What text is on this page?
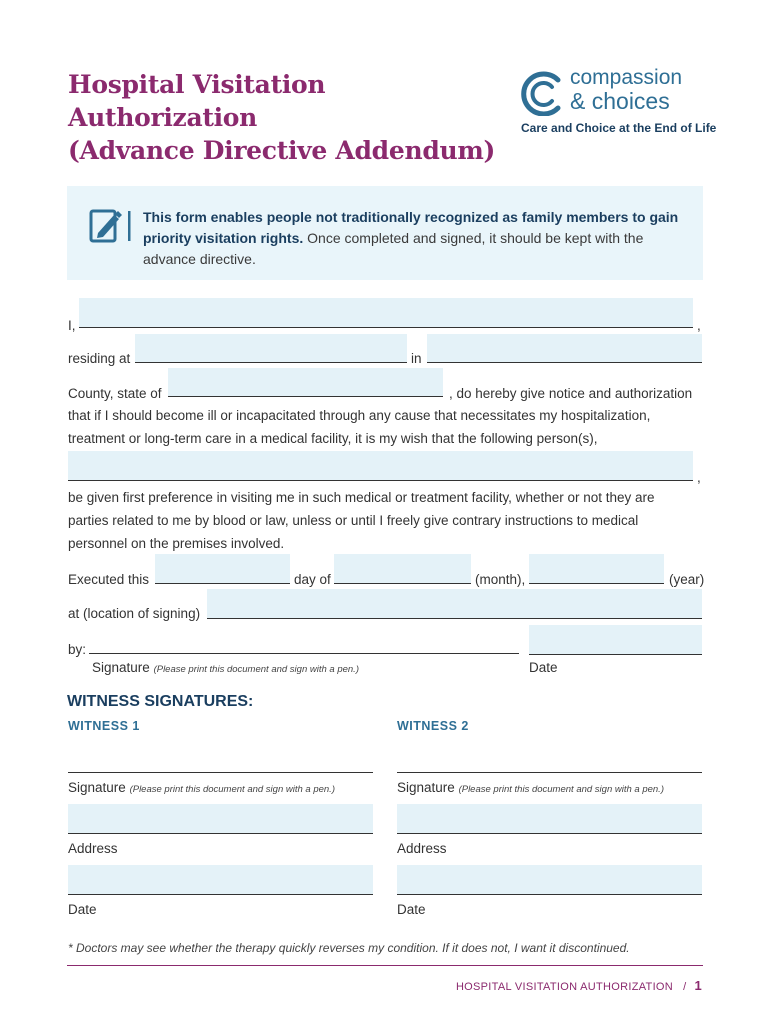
Hospital Visitation
Authorization
(Advance Directive Addendum)
compassion
& choices
Care and Choice at the End of Life
This form enables people not traditionally recognized as family members to gain priority visitation rights. Once completed and signed, it should be kept with the advance directive.
I,	,
residing at	in
County, state of	, do hereby give notice and authorization
that if I should become ill or incapacitated through any cause that necessitates my hospitalization,
treatment or long-term care in a medical facility, it is my wish that the following person(s),
,
be given first preference in visiting me in such medical or treatment facility, whether or not they are
parties related to me by blood or law, unless or until I freely give contrary instructions to medical
personnel on the premises involved.
Executed this	day of	(month),	(year)
at (location of signing)
by:
Signature (Please print this document and sign with a pen.)	Date
WITNESS SIGNATURES:
WITNESS 1	WITNESS 2
Signature (Please print this document and sign with a pen.)
Address
Date
Signature (Please print this document and sign with a pen.)
Address
Date
* Doctors may see whether the therapy quickly reverses my condition. If it does not, I want it discontinued.
HOSPITAL VISITATION AUTHORIZATION / 1
